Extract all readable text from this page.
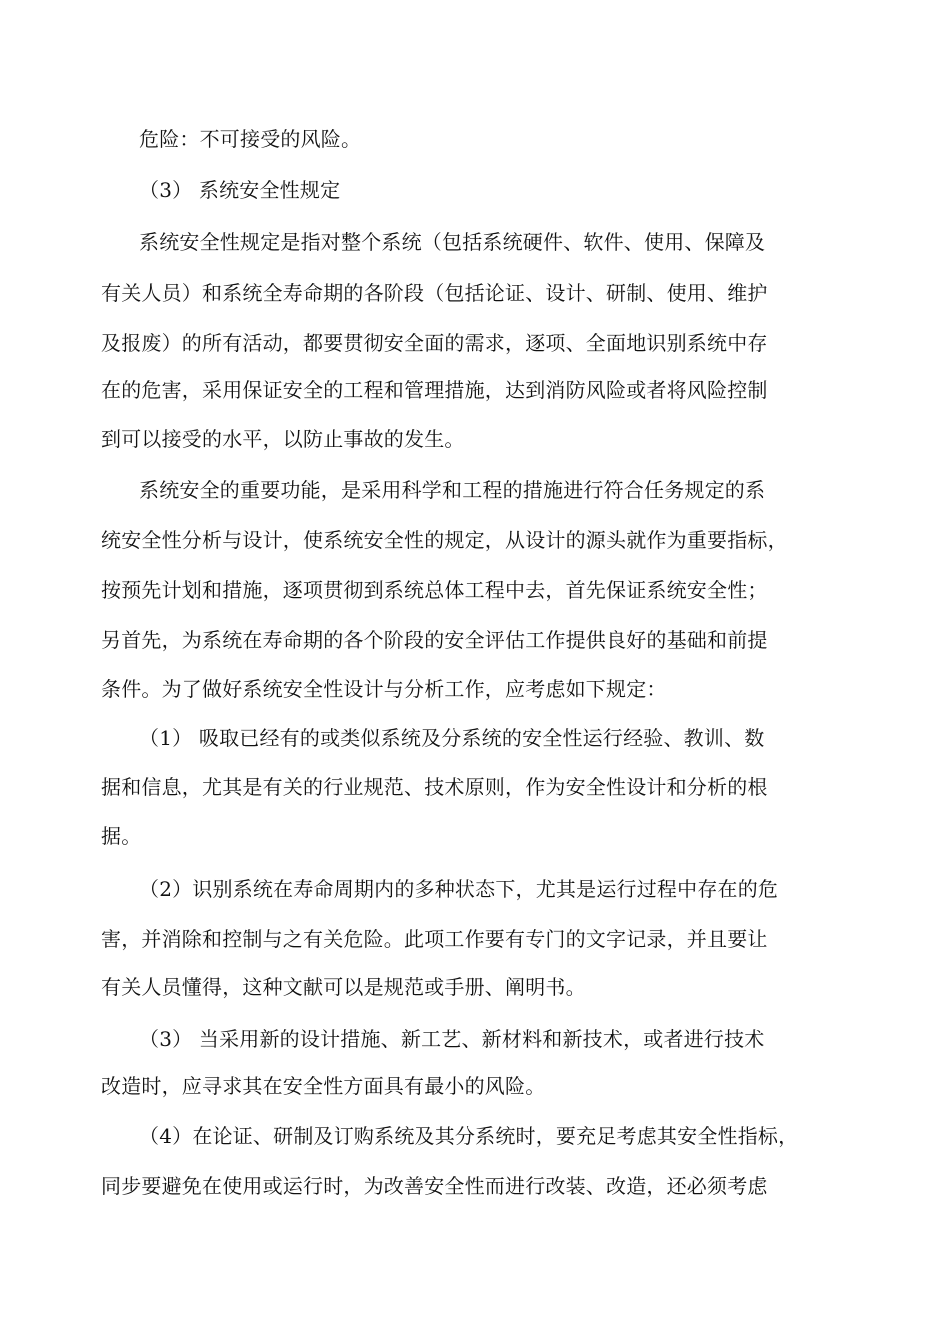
危险：不可接受的风险。
（3） 系统安全性规定
系统安全性规定是指对整个系统（包括系统硬件、软件、使用、保障及
有关人员）和系统全寿命期的各阶段（包括论证、设计、研制、使用、维护
及报废）的所有活动，都要贯彻安全面的需求，逐项、全面地识别系统中存
在的危害，采用保证安全的工程和管理措施，达到消防风险或者将风险控制
到可以接受的水平，以防止事故的发生。
系统安全的重要功能，是采用科学和工程的措施进行符合任务规定的系
统安全性分析与设计，使系统安全性的规定，从设计的源头就作为重要指标，
按预先计划和措施，逐项贯彻到系统总体工程中去，首先保证系统安全性；
另首先，为系统在寿命期的各个阶段的安全评估工作提供良好的基础和前提
条件。为了做好系统安全性设计与分析工作，应考虑如下规定：
（1） 吸取已经有的或类似系统及分系统的安全性运行经验、教训、数
据和信息，尤其是有关的行业规范、技术原则，作为安全性设计和分析的根
据。
（2）识别系统在寿命周期内的多种状态下，尤其是运行过程中存在的危
害，并消除和控制与之有关危险。此项工作要有专门的文字记录，并且要让
有关人员懂得，这种文献可以是规范或手册、阐明书。
（3） 当采用新的设计措施、新工艺、新材料和新技术，或者进行技术
改造时，应寻求其在安全性方面具有最小的风险。
（4）在论证、研制及订购系统及其分系统时，要充足考虑其安全性指标，
同步要避免在使用或运行时，为改善安全性而进行改装、改造，还必须考虑
